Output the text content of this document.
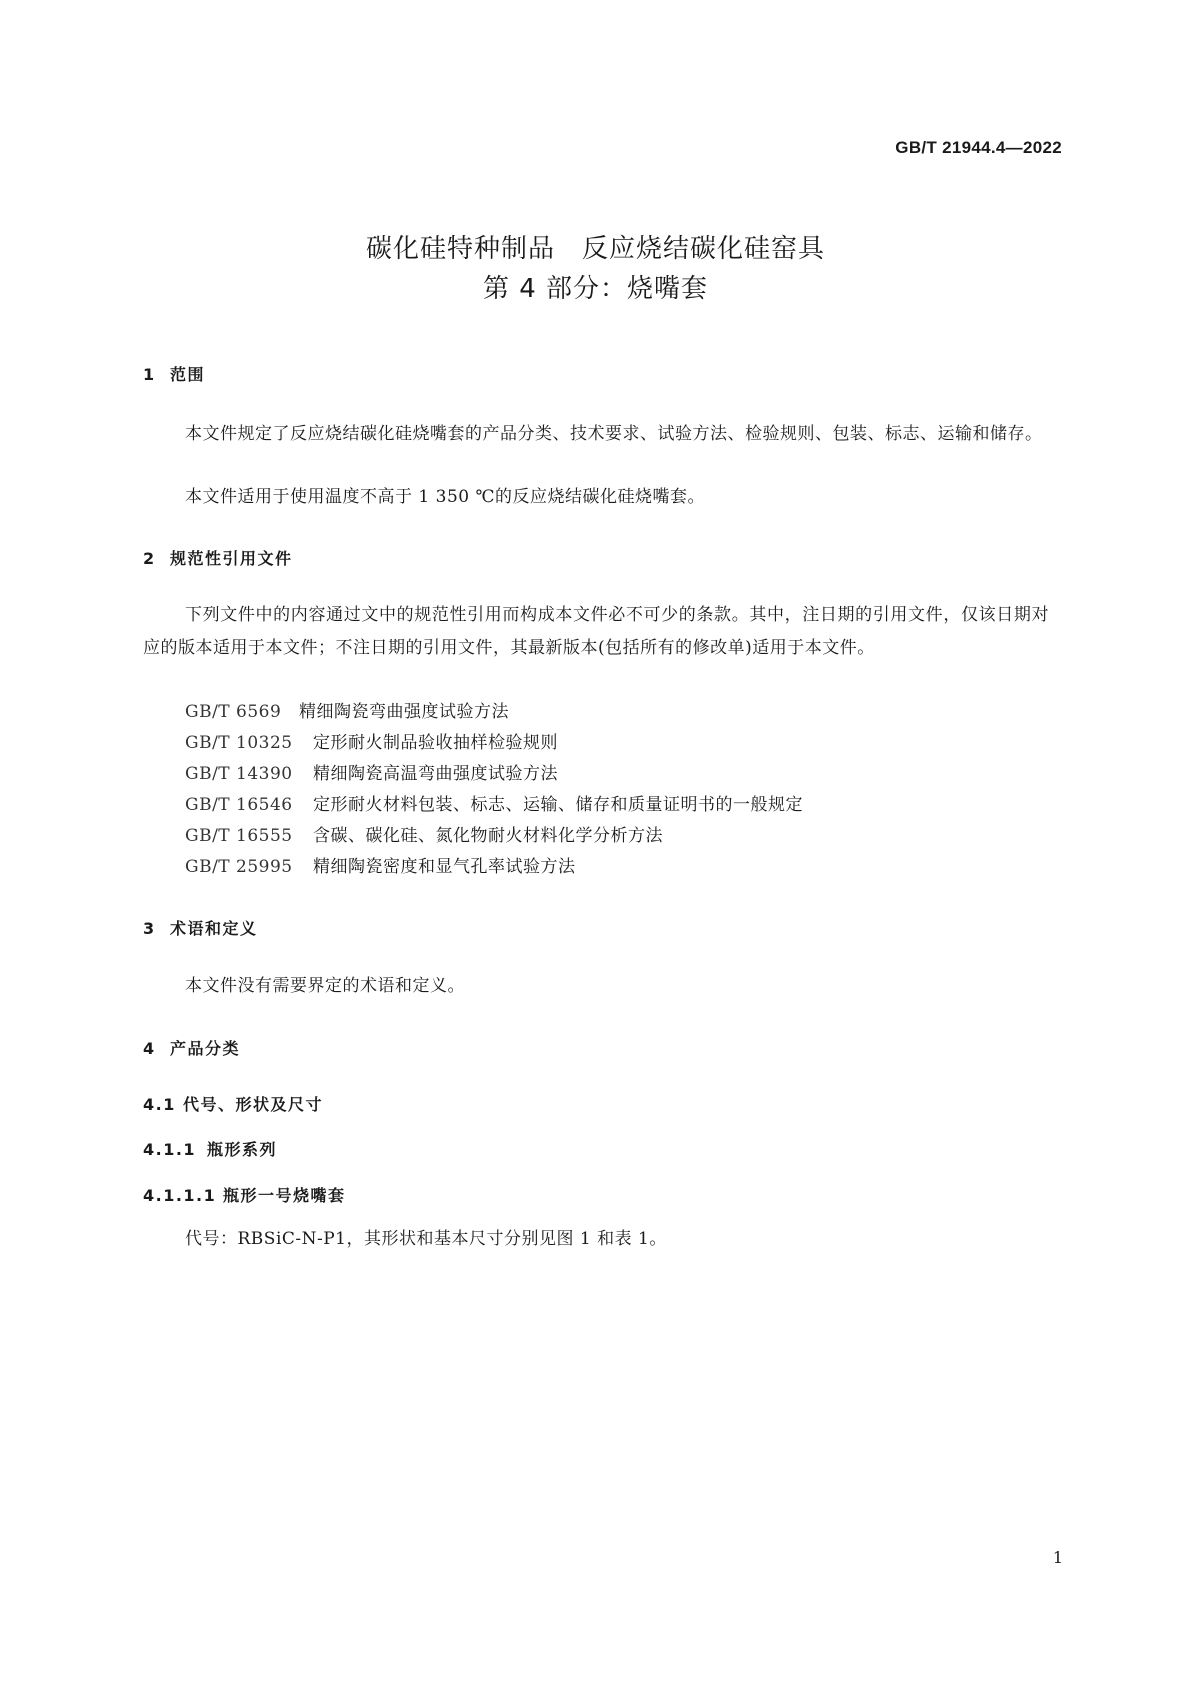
GB/T 21944.4—2022
碳化硅特种制品　反应烧结碳化硅窑具
第 4 部分：烧嘴套
1 范围
本文件规定了反应烧结碳化硅烧嘴套的产品分类、技术要求、试验方法、检验规则、包装、标志、运输和储存。
本文件适用于使用温度不高于 1 350 ℃的反应烧结碳化硅烧嘴套。
2 规范性引用文件
下列文件中的内容通过文中的规范性引用而构成本文件必不可少的条款。其中，注日期的引用文件，仅该日期对应的版本适用于本文件；不注日期的引用文件，其最新版本(包括所有的修改单)适用于本文件。
GB/T 6569 精细陶瓷弯曲强度试验方法
GB/T 10325 定形耐火制品验收抽样检验规则
GB/T 14390 精细陶瓷高温弯曲强度试验方法
GB/T 16546 定形耐火材料包装、标志、运输、储存和质量证明书的一般规定
GB/T 16555 含碳、碳化硅、氮化物耐火材料化学分析方法
GB/T 25995 精细陶瓷密度和显气孔率试验方法
3 术语和定义
本文件没有需要界定的术语和定义。
4 产品分类
4.1 代号、形状及尺寸
4.1.1 瓶形系列
4.1.1.1 瓶形一号烧嘴套
代号：RBSiC-N-P1，其形状和基本尺寸分别见图 1 和表 1。
1
